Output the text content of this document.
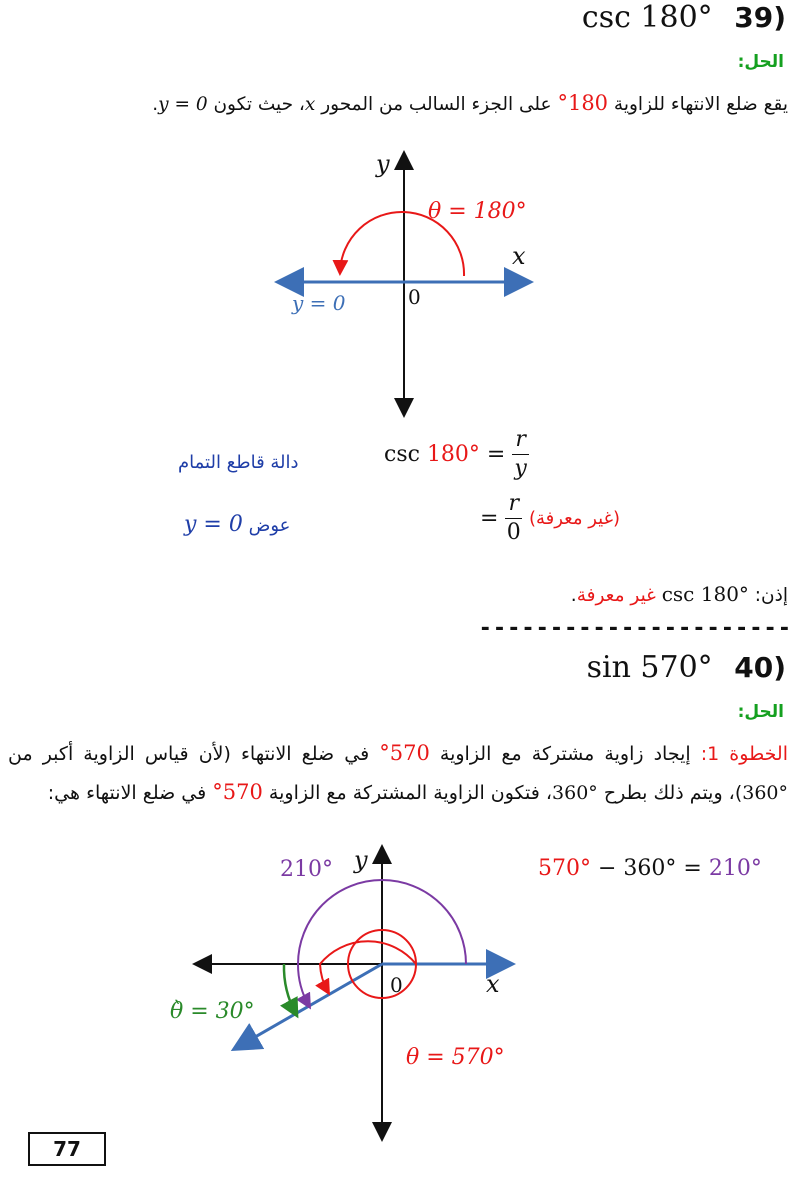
csc 180° 39)
الحل:
يقع ضلع الانتهاء للزاوية 180° على الجزء السالب من المحور x، حيث تكون y = 0.
y
x
0
θ = 180°
y = 0
دالة قاطع التمام	$\csc 180^\circ = \frac{r}{y}$
y = 0 عوض	= $\frac{r}{0}$ (غير معرفة)
إذن: csc 180° غير معرفة.
----------------------
sin 570° 40)
الحل:
الخطوة 1: إيجاد زاوية مشتركة مع الزاوية 570° في ضلع الانتهاء (لأن قياس الزاوية أكبر من 360°)، ويتم ذلك بطرح 360°، فتكون الزاوية المشتركة مع الزاوية 570° في ضلع الانتهاء هي:
570° − 360° = 210°
y
x
0
210°
θ̀ = 30°
θ = 570°
77
